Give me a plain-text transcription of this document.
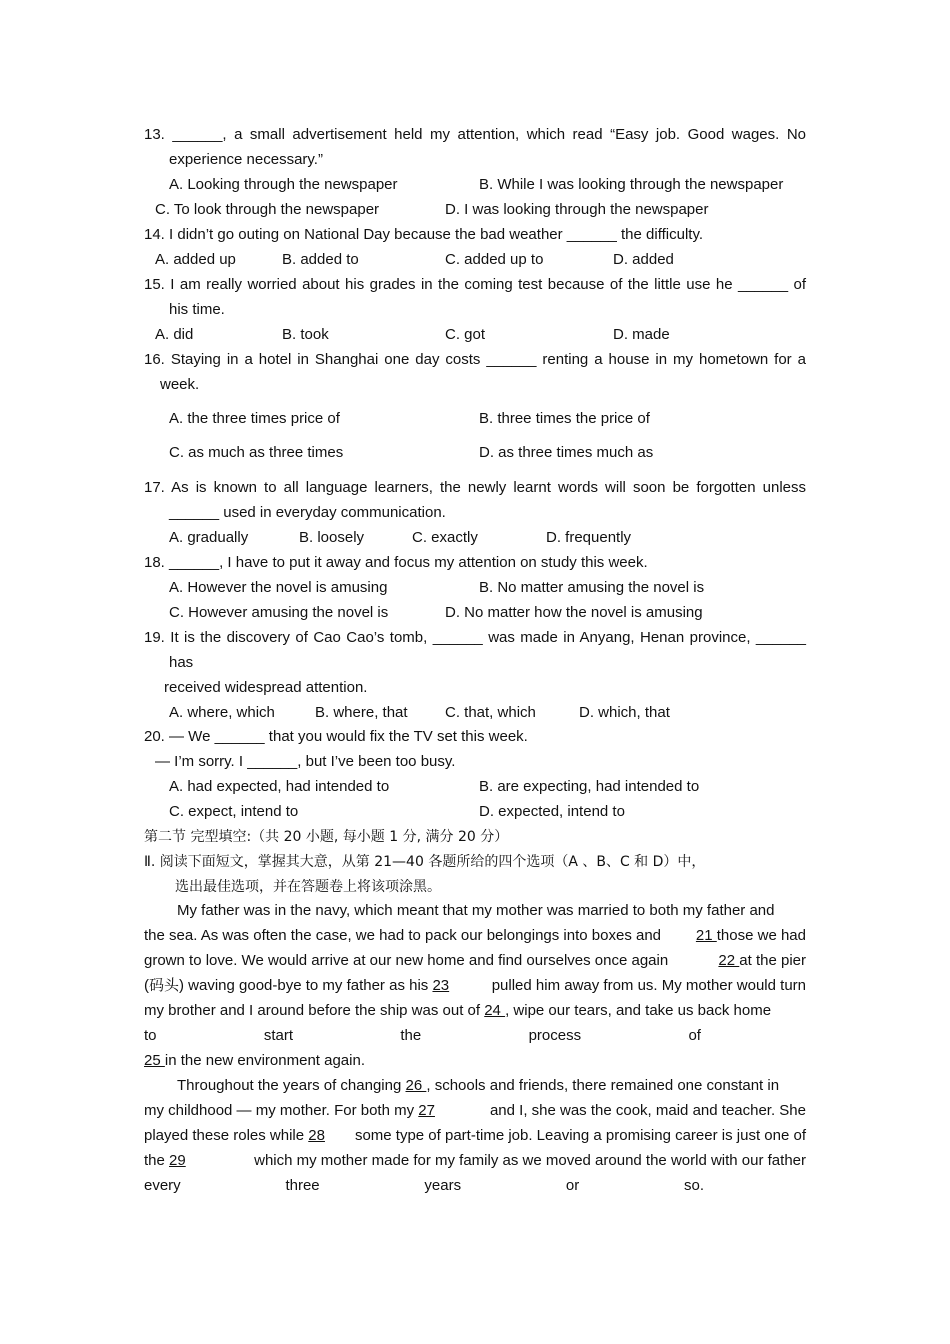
13. ______, a small advertisement held my attention, which read “Easy job. Good wages. No
experience necessary.”
A. Looking through the newspaper	B. While I was looking through the newspaper
C. To look through the newspaper	D. I was looking through the newspaper
14. I didn’t go outing on National Day because the bad weather ______ the difficulty.
A. added up	B. added to	C. added up to	D. added
15. I am really worried about his grades in the coming test because of the little use he ______ of
his time.
A. did	B. took	C. got	D. made
16. Staying in a hotel in Shanghai one day costs ______ renting a house in my hometown for a
week.
A. the three times price of	B. three times the price of
C. as much as three times	D. as three times much as
17. As is known to all language learners, the newly learnt words will soon be forgotten unless
______ used in everyday communication.
A. gradually	B. loosely	C. exactly	D. frequently
18. ______, I have to put it away and focus my attention on study this week.
A. However the novel is amusing	B. No matter amusing the novel is
C. However amusing the novel is	D. No matter how the novel is amusing
19. It is the discovery of Cao Cao’s tomb, ______ was made in Anyang, Henan province, ______
has
received widespread attention.
A. where, which	B. where, that C. that, which	D. which, that
20. — We ______ that you would fix the TV set this week.
— I’m sorry. I ______, but I’ve been too busy.
A. had expected, had intended to	B. are expecting, had intended to
C. expect, intend to	D. expected, intend to
第二节 完型填空:（共 20 小题, 每小题 1 分, 满分 20 分）
Ⅱ. 阅读下面短文，掌握其大意，从第 21—40 各题所给的四个选项（A 、B、C 和 D）中，
选出最佳选项，并在答题卷上将该项涂黑。
My father was in the navy, which meant that my mother was married to both my father and
the sea. As was often the case, we had to pack our belongings into boxes and 21 those we had
grown to love. We would arrive at our new home and find ourselves once again	22 at the pier
(码头) waving good-bye to my father as his 23	pulled him away from us. My mother would turn
my brother and I around before the ship was out of 24 , wipe our tears, and take us back home
to	start	the	process	of
25 in the new environment again.
Throughout the years of changing 26 , schools and friends, there remained one constant in
my childhood — my mother. For both my 27	and I, she was the cook, maid and teacher. She
played these roles while 28 some type of part-time job. Leaving a promising career is just one of
the 29	which my mother made for my family as we moved around the world with our father
every	three	years	or	so.
